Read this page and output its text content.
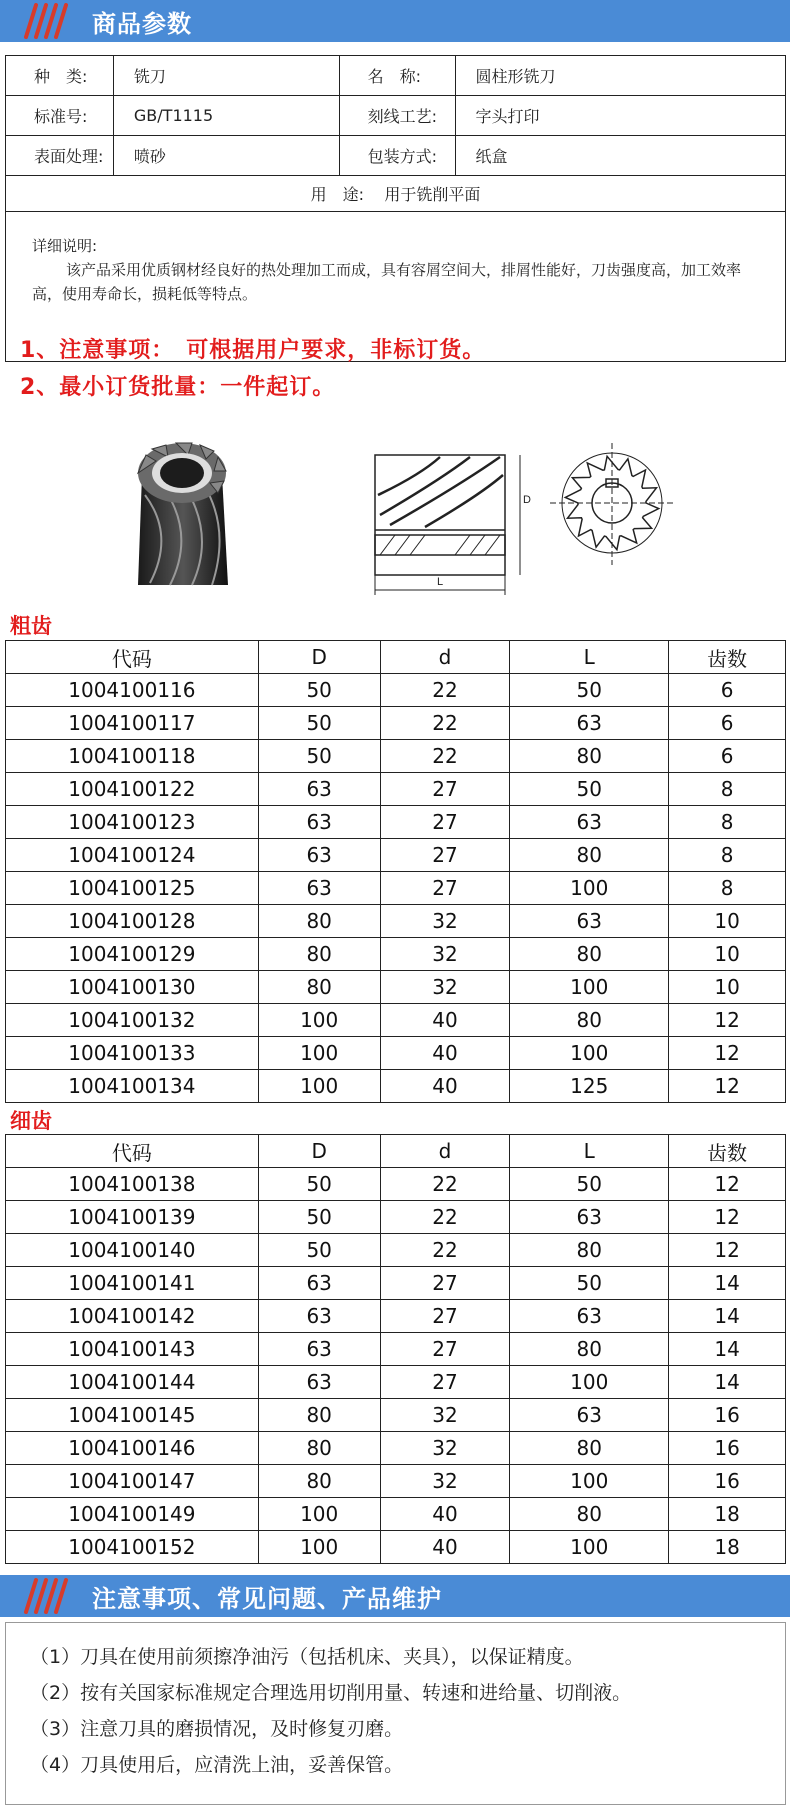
商品参数
种　类:	铣刀	名　称:	圆柱形铣刀
标准号:	GB/T1115	刻线工艺:	字头打印
表面处理:	喷砂	包装方式:	纸盒
用　途: 用于铣削平面			

详细说明:
该产品采用优质钢材经良好的热处理加工而成，具有容屑空间大，排屑性能好，刀齿强度高，加工效率高，使用寿命长，损耗低等特点。			
1、注意事项：　可根据用户要求，非标订货。
2、最小订货批量：一件起订。
D
L
粗齿
代码	D	d	L	齿数
1004100116	50	22	50	6
1004100117	50	22	63	6
1004100118	50	22	80	6
1004100122	63	27	50	8
1004100123	63	27	63	8
1004100124	63	27	80	8
1004100125	63	27	100	8
1004100128	80	32	63	10
1004100129	80	32	80	10
1004100130	80	32	100	10
1004100132	100	40	80	12
1004100133	100	40	100	12
1004100134	100	40	125	12
细齿
代码	D	d	L	齿数
1004100138	50	22	50	12
1004100139	50	22	63	12
1004100140	50	22	80	12
1004100141	63	27	50	14
1004100142	63	27	63	14
1004100143	63	27	80	14
1004100144	63	27	100	14
1004100145	80	32	63	16
1004100146	80	32	80	16
1004100147	80	32	100	16
1004100149	100	40	80	18
1004100152	100	40	100	18
注意事项、常见问题、产品维护
（1）刀具在使用前须擦净油污（包括机床、夹具），以保证精度。
（2）按有关国家标准规定合理选用切削用量、转速和进给量、切削液。
（3）注意刀具的磨损情况，及时修复刃磨。
（4）刀具使用后，应清洗上油，妥善保管。
